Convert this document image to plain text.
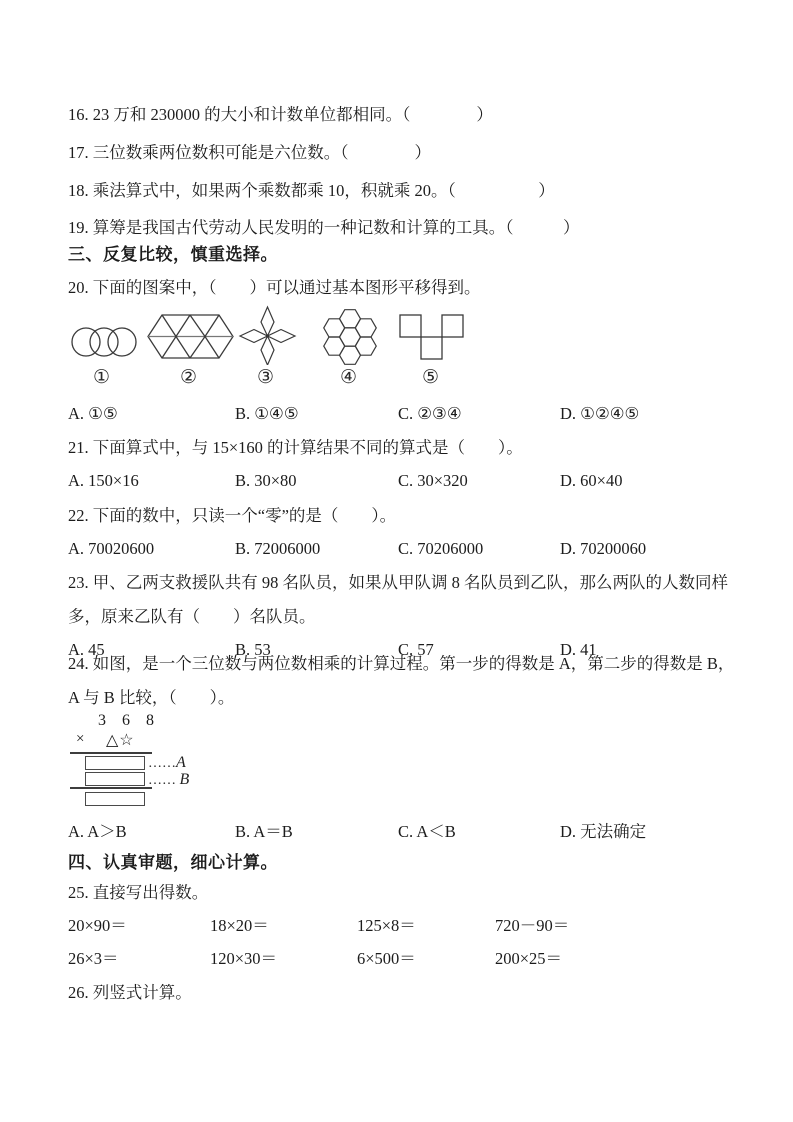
16. 23 万和 230000 的大小和计数单位都相同。（　　　　）
17. 三位数乘两位数积可能是六位数。（　　　　）
18. 乘法算式中，如果两个乘数都乘 10，积就乘 20。（　　　　　）
19. 算筹是我国古代劳动人民发明的一种记数和计算的工具。（　　　）
三、反复比较，慎重选择。
20. 下面的图案中，（　　）可以通过基本图形平移得到。
①	②	③	④	⑤
A. ①⑤	B. ①④⑤	C. ②③④	D. ①②④⑤
21. 下面算式中，与 15×160 的计算结果不同的算式是（　　）。
A. 150×16	B. 30×80	C. 30×320	D. 60×40
22. 下面的数中，只读一个“零”的是（　　）。
A. 70020600	B. 72006000	C. 70206000	D. 70200060
23. 甲、乙两支救援队共有 98 名队员，如果从甲队调 8 名队员到乙队，那么两队的人数同样
多，原来乙队有（　　）名队员。
A. 45	B. 53	C. 57	D. 41
24. 如图，是一个三位数与两位数相乘的计算过程。第一步的得数是 A，第二步的得数是 B，
A 与 B 比较，（　　）。
3 6 8
× △☆
……A
…… B
A. A＞B	B. A＝B	C. A＜B	D. 无法确定
四、认真审题，细心计算。
25. 直接写出得数。
20×90＝	18×20＝	125×8＝	720－90＝
26×3＝	120×30＝	6×500＝	200×25＝
26. 列竖式计算。
